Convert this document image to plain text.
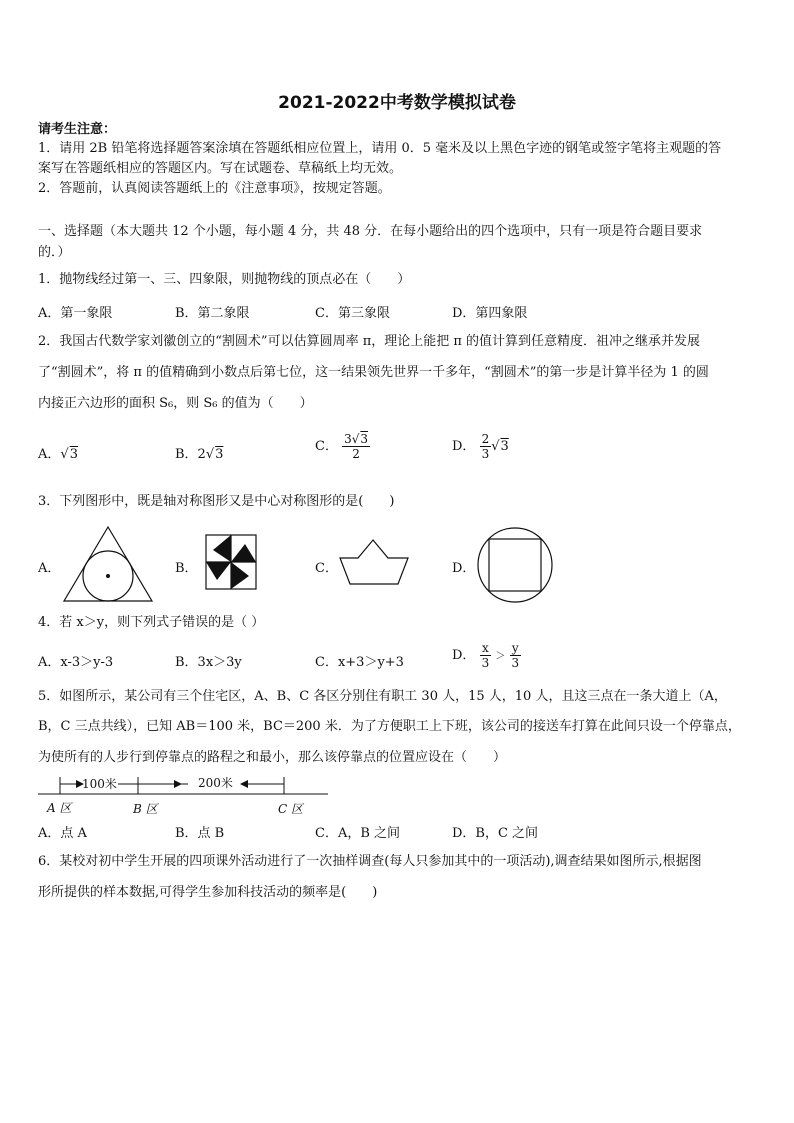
2021-2022中考数学模拟试卷
请考生注意：
1．请用 2B 铅笔将选择题答案涂填在答题纸相应位置上，请用 0．5 毫米及以上黑色字迹的钢笔或签字笔将主观题的答
案写在答题纸相应的答题区内。写在试题卷、草稿纸上均无效。
2．答题前，认真阅读答题纸上的《注意事项》，按规定答题。
一、选择题（本大题共 12 个小题，每小题 4 分，共 48 分．在每小题给出的四个选项中，只有一项是符合题目要求
的．）
1．抛物线经过第一、三、四象限，则抛物线的顶点必在（　　）
A．第一象限	B．第二象限	C．第三象限	D．第四象限
2．我国古代数学家刘徽创立的“割圆术”可以估算圆周率 π，理论上能把 π 的值计算到任意精度．祖冲之继承并发展
了“割圆术”，将 π 的值精确到小数点后第七位，这一结果领先世界一千多年，“割圆术”的第一步是计算半径为 1 的圆
内接正六边形的面积 S₆，则 S₆ 的值为（　　）
A．√3	B．2√3
C． $\frac{3√3}{2}$	D． $\frac{2}{3} √3$
3．下列图形中，既是轴对称图形又是中心对称图形的是(　　)
A．	B．	C．	D．
4．若 x＞y，则下列式子错误的是（ ）
A．x-3＞y-3	B．3x＞3y	C．x+3＞y+3	D． $\frac{x}{3} > \frac{y}{3}$
5．如图所示，某公司有三个住宅区，A、B、C 各区分别住有职工 30 人，15 人，10 人，且这三点在一条大道上（A，
B，C 三点共线），已知 AB＝100 米，BC＝200 米．为了方便职工上下班，该公司的接送车打算在此间只设一个停靠点，
为使所有的人步行到停靠点的路程之和最小，那么该停靠点的位置应设在（　　）
100米	200米
A 区	B 区	C 区
A．点 A	B．点 B	C．A，B 之间	D．B，C 之间
6．某校对初中学生开展的四项课外活动进行了一次抽样调查(每人只参加其中的一项活动),调查结果如图所示,根据图
形所提供的样本数据,可得学生参加科技活动的频率是(　　)
